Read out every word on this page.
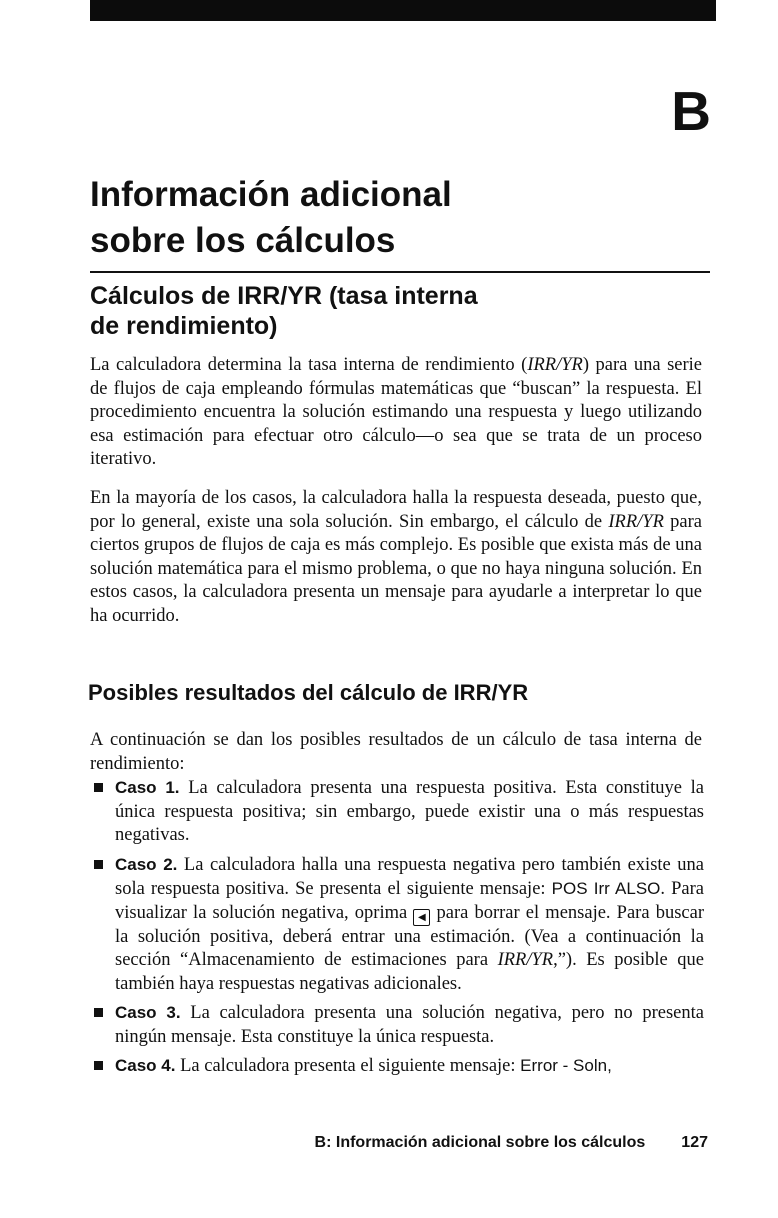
B
Información adicional
sobre los cálculos
Cálculos de IRR/YR (tasa interna
de rendimiento)

La calculadora determina la tasa interna de rendimiento (IRR/YR) para una serie de flujos de caja empleando fórmulas matemáticas que “buscan” la respuesta. El procedimiento encuentra la solución estimando una respuesta y luego utilizando esa estimación para efectuar otro cálculo—o sea que se trata de un proceso iterativo.

En la mayoría de los casos, la calculadora halla la respuesta deseada, puesto que, por lo general, existe una sola solución. Sin embargo, el cálculo de IRR/YR para ciertos grupos de flujos de caja es más complejo. Es posible que exista más de una solución matemática para el mismo problema, o que no haya ninguna solución. En estos casos, la calculadora presenta un mensaje para ayudarle a interpretar lo que ha ocurrido.

Posibles resultados del cálculo de IRR/YR

A continuación se dan los posibles resultados de un cálculo de tasa interna de rendimiento:

Caso 1. La calculadora presenta una respuesta positiva. Esta constituye la única respuesta positiva; sin embargo, puede existir una o más respuestas negativas.
Caso 2. La calculadora halla una respuesta negativa pero también existe una sola respuesta positiva. Se presenta el siguiente mensaje: POS Irr ALSO. Para visualizar la solución negativa, oprima ◀ para borrar el mensaje. Para buscar la solución positiva, deberá entrar una estimación. (Vea a continuación la sección “Almacenamiento de estimaciones para IRR/YR,”). Es posible que también haya respuestas negativas adicionales.
Caso 3. La calculadora presenta una solución negativa, pero no presenta ningún mensaje. Esta constituye la única respuesta.
Caso 4. La calculadora presenta el siguiente mensaje: Error - Soln,
B: Información adicional sobre los cálculos 127
